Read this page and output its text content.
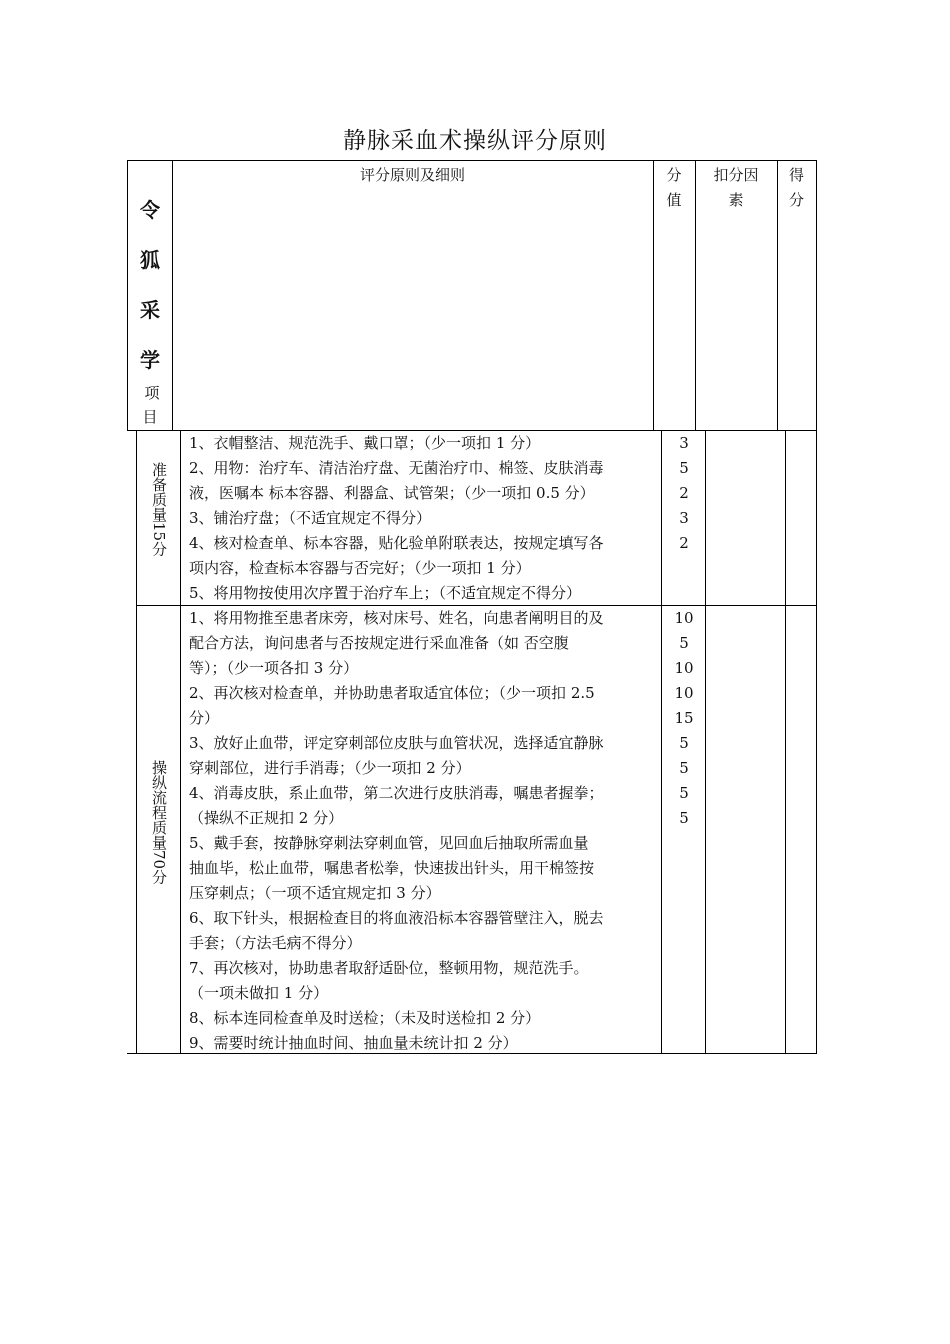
静脉采血术操纵评分原则
评分原则及细则	分
值
扣分因
素
得
分
令
狐
采
学
项
目
准备质量15分
1、衣帽整洁、规范洗手、戴口罩；（少一项扣 1 分）
2、用物：治疗车、清洁治疗盘、无菌治疗巾、棉签、皮肤消毒
液，医嘱本 标本容器、利器盒、试管架；（少一项扣 0.5 分）
3、铺治疗盘；（不适宜规定不得分）
4、核对检查单、标本容器，贴化验单附联表达，按规定填写各
项内容，检查标本容器与否完好；（少一项扣 1 分）
5、将用物按使用次序置于治疗车上；（不适宜规定不得分）
3
5
2
3
2
操纵流程质量70分
1、将用物推至患者床旁，核对床号、姓名，向患者阐明目的及
配合方法，询问患者与否按规定进行采血准备（如 否空腹
等）；（少一项各扣 3 分）
2、再次核对检查单，并协助患者取适宜体位；（少一项扣 2.5
分）
3、放好止血带，评定穿刺部位皮肤与血管状况，选择适宜静脉
穿刺部位，进行手消毒；（少一项扣 2 分）
4、消毒皮肤，系止血带，第二次进行皮肤消毒，嘱患者握拳；
（操纵不正规扣 2 分）
5、戴手套，按静脉穿刺法穿刺血管，见回血后抽取所需血量
抽血毕，松止血带，嘱患者松拳，快速拔出针头，用干棉签按
压穿刺点；（一项不适宜规定扣 3 分）
6、取下针头，根据检查目的将血液沿标本容器管壁注入，脱去
手套；（方法毛病不得分）
7、再次核对，协助患者取舒适卧位，整顿用物，规范洗手。
（一项未做扣 1 分）
8、标本连同检查单及时送检；（未及时送检扣 2 分）
9、需要时统计抽血时间、抽血量未统计扣 2 分）
10
5
10
10
15
5
5
5
5
